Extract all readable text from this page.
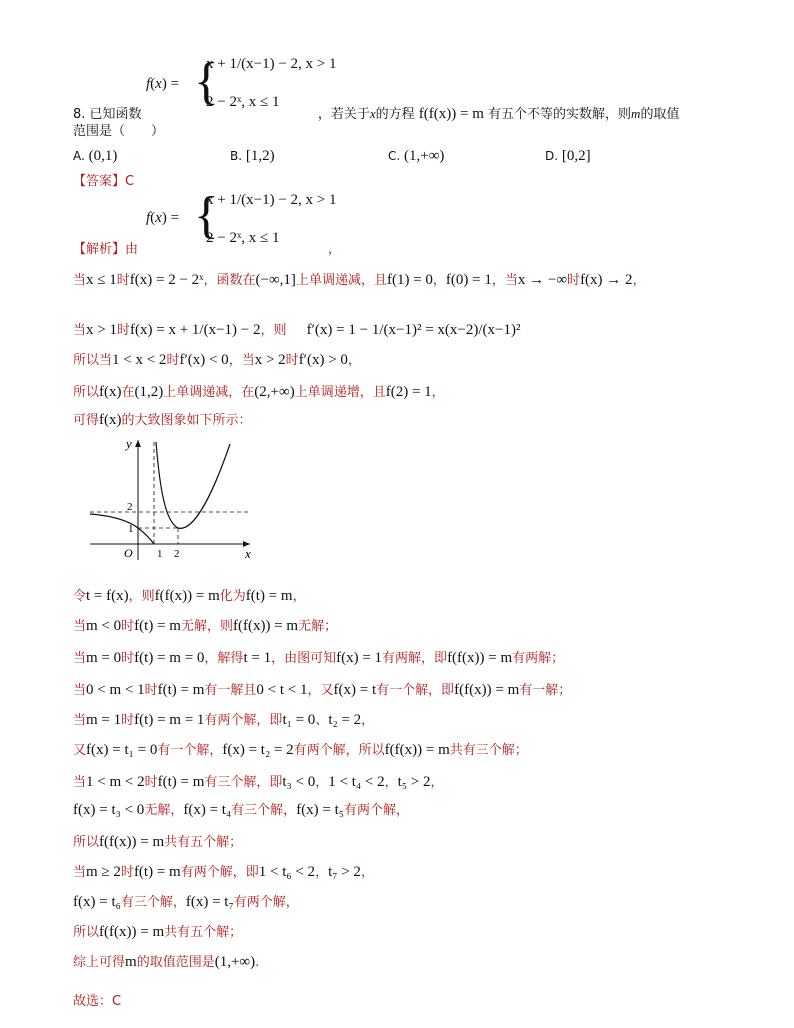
f(x) = {
x + 1/(x−1) − 2, x > 1
2 − 2ˣ, x ≤ 1
8. 已知函数	，若关于x的方程 f(f(x)) = m 有五个不等的实数解，则m的取值
范围是（　　）
A. (0,1)	B. [1,2)	C. (1,+∞)	D. [0,2]
【答案】C
f(x) = {
x + 1/(x−1) − 2, x > 1
2 − 2ˣ, x ≤ 1
【解析】由	，
当x ≤ 1时f(x) = 2 − 2ˣ，函数在(−∞,1]上单调递减，且f(1) = 0，f(0) = 1，当x → −∞时f(x) → 2，
当x > 1时f(x) = x + 1/(x−1) − 2，则 f′(x) = 1 − 1/(x−1)² = x(x−2)/(x−1)²
所以当1 < x < 2时f′(x) < 0，当x > 2时f′(x) > 0，
所以f(x)在(1,2)上单调递减，在(2,+∞)上单调递增，且f(2) = 1，
可得f(x)的大致图象如下所示：
y
x
O 1 2
1
2
令t = f(x)，则f(f(x)) = m化为f(t) = m，
当m < 0时f(t) = m无解，则f(f(x)) = m无解；
当m = 0时f(t) = m = 0，解得t = 1，由图可知f(x) = 1有两解，即f(f(x)) = m有两解；
当0 < m < 1时f(t) = m有一解且0 < t < 1，又f(x) = t有一个解，即f(f(x)) = m有一解；
当m = 1时f(t) = m = 1有两个解，即t₁ = 0、t₂ = 2，
又f(x) = t₁ = 0有一个解，f(x) = t₂ = 2有两个解，所以f(f(x)) = m共有三个解；
当1 < m < 2时f(t) = m有三个解，即t₃ < 0，1 < t₄ < 2，t₅ > 2，
f(x) = t₃ < 0无解，f(x) = t₄有三个解，f(x) = t₅有两个解，
所以f(f(x)) = m共有五个解；
当m ≥ 2时f(t) = m有两个解，即1 < t₆ < 2，t₇ > 2，
f(x) = t₆有三个解，f(x) = t₇有两个解，
所以f(f(x)) = m共有五个解；
综上可得m的取值范围是(1,+∞).
故选：C
